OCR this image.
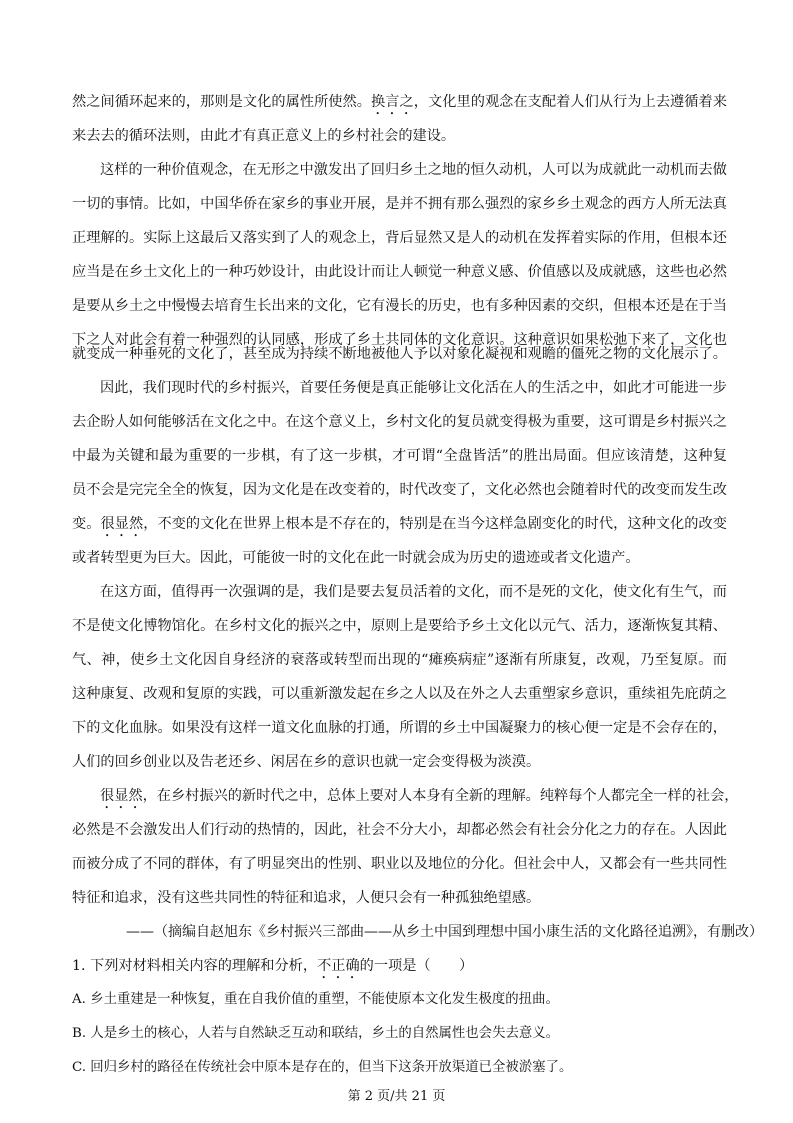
然之间循环起来的，那则是文化的属性所使然。换言之，文化里的观念在支配着人们从行为上去遵循着来
来去去的循环法则，由此才有真正意义上的乡村社会的建设。
这样的一种价值观念，在无形之中激发出了回归乡土之地的恒久动机，人可以为成就此一动机而去做
一切的事情。比如，中国华侨在家乡的事业开展，是并不拥有那么强烈的家乡乡土观念的西方人所无法真
正理解的。实际上这最后又落实到了人的观念上，背后显然又是人的动机在发挥着实际的作用，但根本还
应当是在乡土文化上的一种巧妙设计，由此设计而让人顿觉一种意义感、价值感以及成就感，这些也必然
是要从乡土之中慢慢去培育生长出来的文化，它有漫长的历史，也有多种因素的交织，但根本还是在于当
下之人对此会有着一种强烈的认同感，形成了乡土共同体的文化意识。这种意识如果松弛下来了，文化也
就变成一种垂死的文化了，甚至成为持续不断地被他人予以对象化凝视和观瞻的僵死之物的文化展示了。
因此，我们现时代的乡村振兴，首要任务便是真正能够让文化活在人的生活之中，如此才可能进一步
去企盼人如何能够活在文化之中。在这个意义上，乡村文化的复员就变得极为重要，这可谓是乡村振兴之
中最为关键和最为重要的一步棋，有了这一步棋，才可谓“全盘皆活”的胜出局面。但应该清楚，这种复
员不会是完完全全的恢复，因为文化是在改变着的，时代改变了，文化必然也会随着时代的改变而发生改
变。很显然，不变的文化在世界上根本是不存在的，特别是在当今这样急剧变化的时代，这种文化的改变
或者转型更为巨大。因此，可能彼一时的文化在此一时就会成为历史的遗迹或者文化遗产。
在这方面，值得再一次强调的是，我们是要去复员活着的文化，而不是死的文化，使文化有生气，而
不是使文化博物馆化。在乡村文化的振兴之中，原则上是要给予乡土文化以元气、活力，逐渐恢复其精、
气、神，使乡土文化因自身经济的衰落或转型而出现的“瘫痪病症”逐渐有所康复，改观，乃至复原。而
这种康复、改观和复原的实践，可以重新激发起在乡之人以及在外之人去重塑家乡意识，重续祖先庇荫之
下的文化血脉。如果没有这样一道文化血脉的打通，所谓的乡土中国凝聚力的核心便一定是不会存在的，
人们的回乡创业以及告老还乡、闲居在乡的意识也就一定会变得极为淡漠。
很显然，在乡村振兴的新时代之中，总体上要对人本身有全新的理解。纯粹每个人都完全一样的社会，
必然是不会激发出人们行动的热情的，因此，社会不分大小，却都必然会有社会分化之力的存在。人因此
而被分成了不同的群体，有了明显突出的性别、职业以及地位的分化。但社会中人，又都会有一些共同性
特征和追求，没有这些共同性的特征和追求，人便只会有一种孤独绝望感。
——（摘编自赵旭东《乡村振兴三部曲——从乡土中国到理想中国小康生活的文化路径追溯》，有删改）
1. 下列对材料相关内容的理解和分析，不正确的一项是（　　）
A. 乡土重建是一种恢复，重在自我价值的重塑，不能使原本文化发生极度的扭曲。
B. 人是乡土的核心，人若与自然缺乏互动和联结，乡土的自然属性也会失去意义。
C. 回归乡村的路径在传统社会中原本是存在的，但当下这条开放渠道已全被淤塞了。
第 2 页/共 21 页
